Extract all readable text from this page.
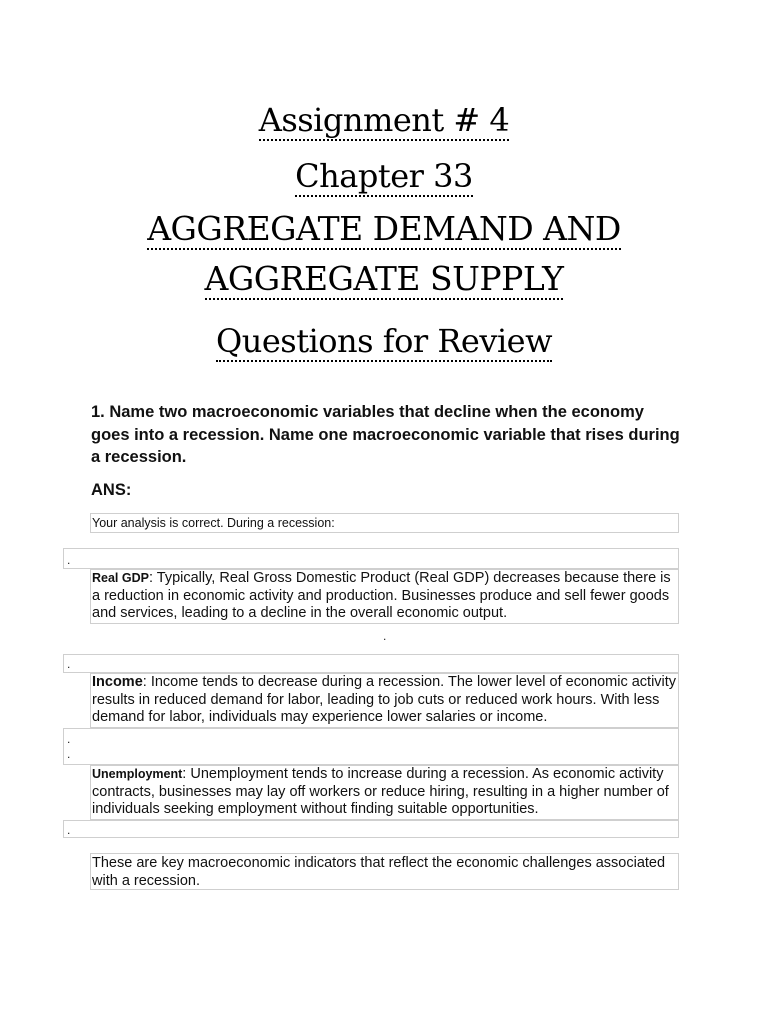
Assignment # 4
Chapter 33
AGGREGATE DEMAND AND
AGGREGATE SUPPLY
Questions for Review
1. Name two macroeconomic variables that decline when the economy goes into a recession. Name one macroeconomic variable that rises during a recession.
ANS:
Your analysis is correct. During a recession:
.
Real GDP: Typically, Real Gross Domestic Product (Real GDP) decreases because there is a reduction in economic activity and production. Businesses produce and sell fewer goods and services, leading to a decline in the overall economic output.
.
.
Income: Income tends to decrease during a recession. The lower level of economic activity results in reduced demand for labor, leading to job cuts or reduced work hours. With less demand for labor, individuals may experience lower salaries or income.
.
.
Unemployment: Unemployment tends to increase during a recession. As economic activity contracts, businesses may lay off workers or reduce hiring, resulting in a higher number of individuals seeking employment without finding suitable opportunities.
.
These are key macroeconomic indicators that reflect the economic challenges associated with a recession.
